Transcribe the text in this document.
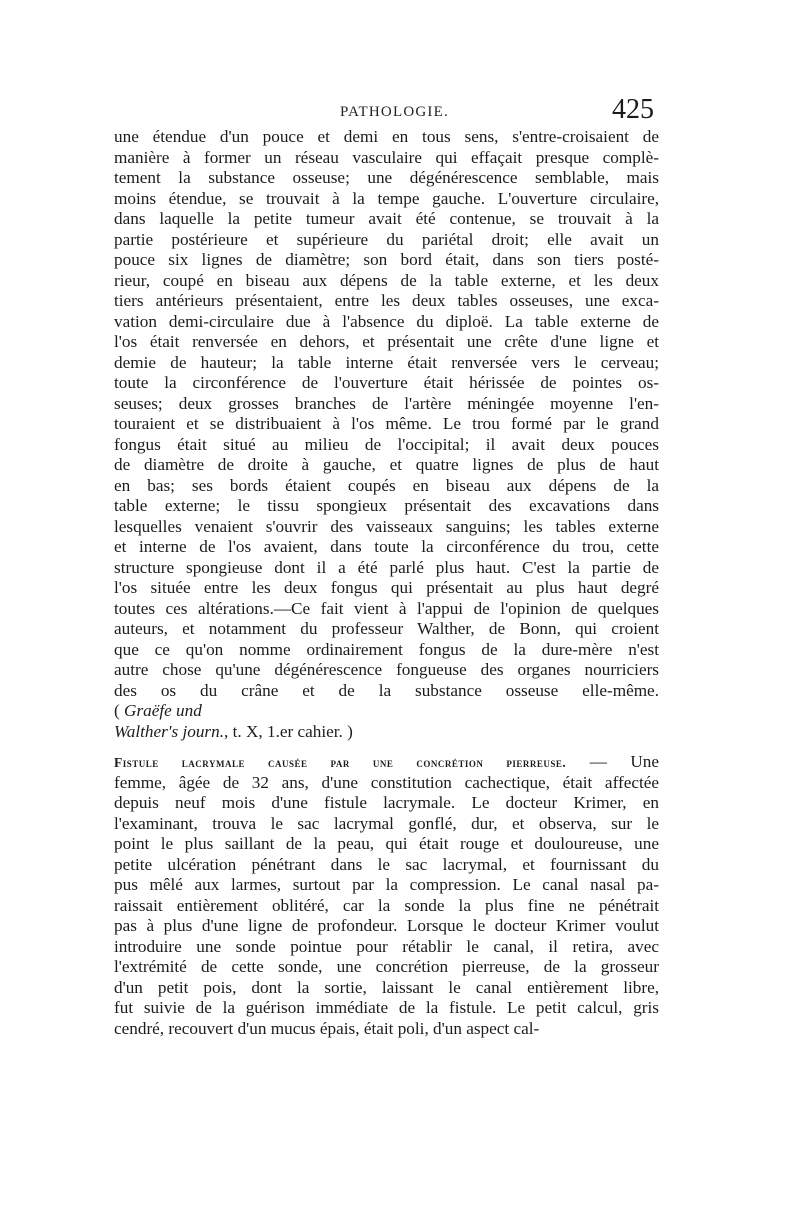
PATHOLOGIE.	425
une étendue d'un pouce et demi en tous sens, s'entre-croisaient de
manière à former un réseau vasculaire qui effaçait presque complè-
tement la substance osseuse; une dégénérescence semblable, mais
moins étendue, se trouvait à la tempe gauche. L'ouverture circulaire,
dans laquelle la petite tumeur avait été contenue, se trouvait à la
partie postérieure et supérieure du pariétal droit; elle avait un
pouce six lignes de diamètre; son bord était, dans son tiers posté-
rieur, coupé en biseau aux dépens de la table externe, et les deux
tiers antérieurs présentaient, entre les deux tables osseuses, une exca-
vation demi-circulaire due à l'absence du diploë. La table externe de
l'os était renversée en dehors, et présentait une crête d'une ligne et
demie de hauteur; la table interne était renversée vers le cerveau;
toute la circonférence de l'ouverture était hérissée de pointes os-
seuses; deux grosses branches de l'artère méningée moyenne l'en-
touraient et se distribuaient à l'os même. Le trou formé par le grand
fongus était situé au milieu de l'occipital; il avait deux pouces
de diamètre de droite à gauche, et quatre lignes de plus de haut
en bas; ses bords étaient coupés en biseau aux dépens de la
table externe; le tissu spongieux présentait des excavations dans
lesquelles venaient s'ouvrir des vaisseaux sanguins; les tables externe
et interne de l'os avaient, dans toute la circonférence du trou, cette
structure spongieuse dont il a été parlé plus haut. C'est la partie de
l'os située entre les deux fongus qui présentait au plus haut degré
toutes ces altérations.—Ce fait vient à l'appui de l'opinion de quelques
auteurs, et notamment du professeur Walther, de Bonn, qui croient
que ce qu'on nomme ordinairement fongus de la dure-mère n'est
autre chose qu'une dégénérescence fongueuse des organes nourriciers
des os du crâne et de la substance osseuse elle-même.
( Graëfe und
Walther's journ., t. X, 1.er cahier. )
Fistule lacrymale causée par une concrétion pierreuse. — Une
femme, âgée de 32 ans, d'une constitution cachectique, était affectée
depuis neuf mois d'une fistule lacrymale. Le docteur Krimer, en
l'examinant, trouva le sac lacrymal gonflé, dur, et observa, sur le
point le plus saillant de la peau, qui était rouge et douloureuse, une
petite ulcération pénétrant dans le sac lacrymal, et fournissant du
pus mêlé aux larmes, surtout par la compression. Le canal nasal pa-
raissait entièrement oblitéré, car la sonde la plus fine ne pénétrait
pas à plus d'une ligne de profondeur. Lorsque le docteur Krimer voulut
introduire une sonde pointue pour rétablir le canal, il retira, avec
l'extrémité de cette sonde, une concrétion pierreuse, de la grosseur
d'un petit pois, dont la sortie, laissant le canal entièrement libre,
fut suivie de la guérison immédiate de la fistule. Le petit calcul, gris
cendré, recouvert d'un mucus épais, était poli, d'un aspect cal-
